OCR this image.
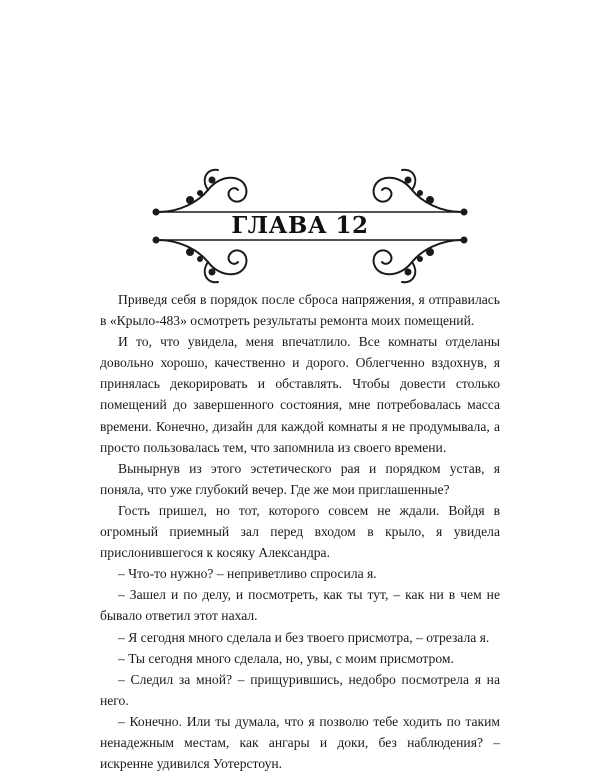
ГЛАВА 12

Приведя себя в порядок после сброса напряжения, я отправилась в «Крыло-483» осмотреть результаты ремонта моих помещений.

И то, что увидела, меня впечатлило. Все комнаты отделаны довольно хорошо, качественно и дорого. Облегченно вздохнув, я принялась декорировать и обставлять. Чтобы довести столько помещений до завершенного состояния, мне потребовалась масса времени. Конечно, дизайн для каждой комнаты я не продумывала, а просто пользовалась тем, что запомнила из своего времени.

Вынырнув из этого эстетического рая и порядком устав, я поняла, что уже глубокий вечер. Где же мои приглашенные?

Гость пришел, но тот, которого совсем не ждали. Войдя в огромный приемный зал перед входом в крыло, я увидела прислонившегося к косяку Александра.

– Что-то нужно? – неприветливо спросила я.

– Зашел и по делу, и посмотреть, как ты тут, – как ни в чем не бывало ответил этот нахал.

– Я сегодня много сделала и без твоего присмотра, – отрезала я.

– Ты сегодня много сделала, но, увы, с моим присмотром.

– Следил за мной? – прищурившись, недобро посмотрела я на него.

– Конечно. Или ты думала, что я позволю тебе ходить по таким ненадежным местам, как ангары и доки, без наблюдения? – искренне удивился Уотерстоун.
